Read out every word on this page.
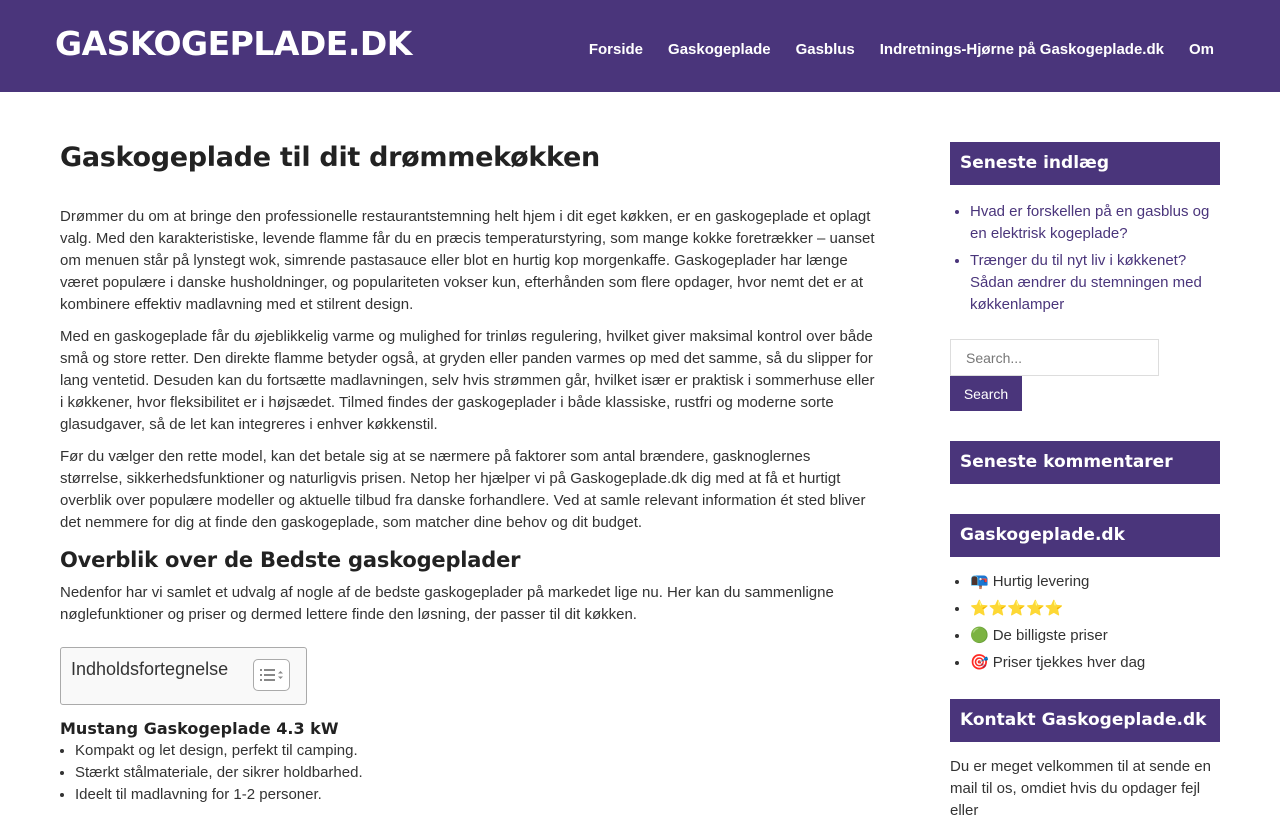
GASKOGEPLADE.DK	Forside Gaskogeplade Gasblus Indretnings-Hjørne på Gaskogeplade.dk Om
Gaskogeplade til dit drømmekøkken

Drømmer du om at bringe den professionelle restaurantstemning helt hjem i dit eget køkken, er en gaskogeplade et oplagt valg. Med den karakteristiske, levende flamme får du en præcis temperaturstyring, som mange kokke foretrækker – uanset om menuen står på lynstegt wok, simrende pastasauce eller blot en hurtig kop morgenkaffe. Gaskogeplader har længe været populære i danske husholdninger, og populariteten vokser kun, efterhånden som flere opdager, hvor nemt det er at kombinere effektiv madlavning med et stilrent design.

Med en gaskogeplade får du øjeblikkelig varme og mulighed for trinløs regulering, hvilket giver maksimal kontrol over både små og store retter. Den direkte flamme betyder også, at gryden eller panden varmes op med det samme, så du slipper for lang ventetid. Desuden kan du fortsætte madlavningen, selv hvis strømmen går, hvilket især er praktisk i sommerhuse eller i køkkener, hvor fleksibilitet er i højsædet. Tilmed findes der gaskogeplader i både klassiske, rustfri og moderne sorte glasudgaver, så de let kan integreres i enhver køkkenstil.

Før du vælger den rette model, kan det betale sig at se nærmere på faktorer som antal brændere, gasknoglernes størrelse, sikkerhedsfunktioner og naturligvis prisen. Netop her hjælper vi på Gaskogeplade.dk dig med at få et hurtigt overblik over populære modeller og aktuelle tilbud fra danske forhandlere. Ved at samle relevant information ét sted bliver det nemmere for dig at finde den gaskogeplade, som matcher dine behov og dit budget.

Overblik over de Bedste gaskogeplader

Nedenfor har vi samlet et udvalg af nogle af de bedste gaskogeplader på markedet lige nu. Her kan du sammenligne nøglefunktioner og priser og dermed lettere finde den løsning, der passer til dit køkken.

Indholdsfortegnelse
Mustang Gaskogeplade 4.3 kW
• Kompakt og let design, perfekt til camping.
• Stærkt stålmateriale, der sikrer holdbarhed.
• Ideelt til madlavning for 1-2 personer.
Seneste indlæg
• Hvad er forskellen på en gasblus og en elektrisk kogeplade?
• Trænger du til nyt liv i køkkenet? Sådan ændrer du stemningen med køkkenlamper
Search...
Search
Seneste kommentarer
Gaskogeplade.dk
• 📭 Hurtig levering
• ⭐⭐⭐⭐⭐
• 🟢 De billigste priser
• 🎯 Priser tjekkes hver dag
Kontakt Gaskogeplade.dk

Du er meget velkommen til at sende en mail til os, omdiet hvis du opdager fejl eller
